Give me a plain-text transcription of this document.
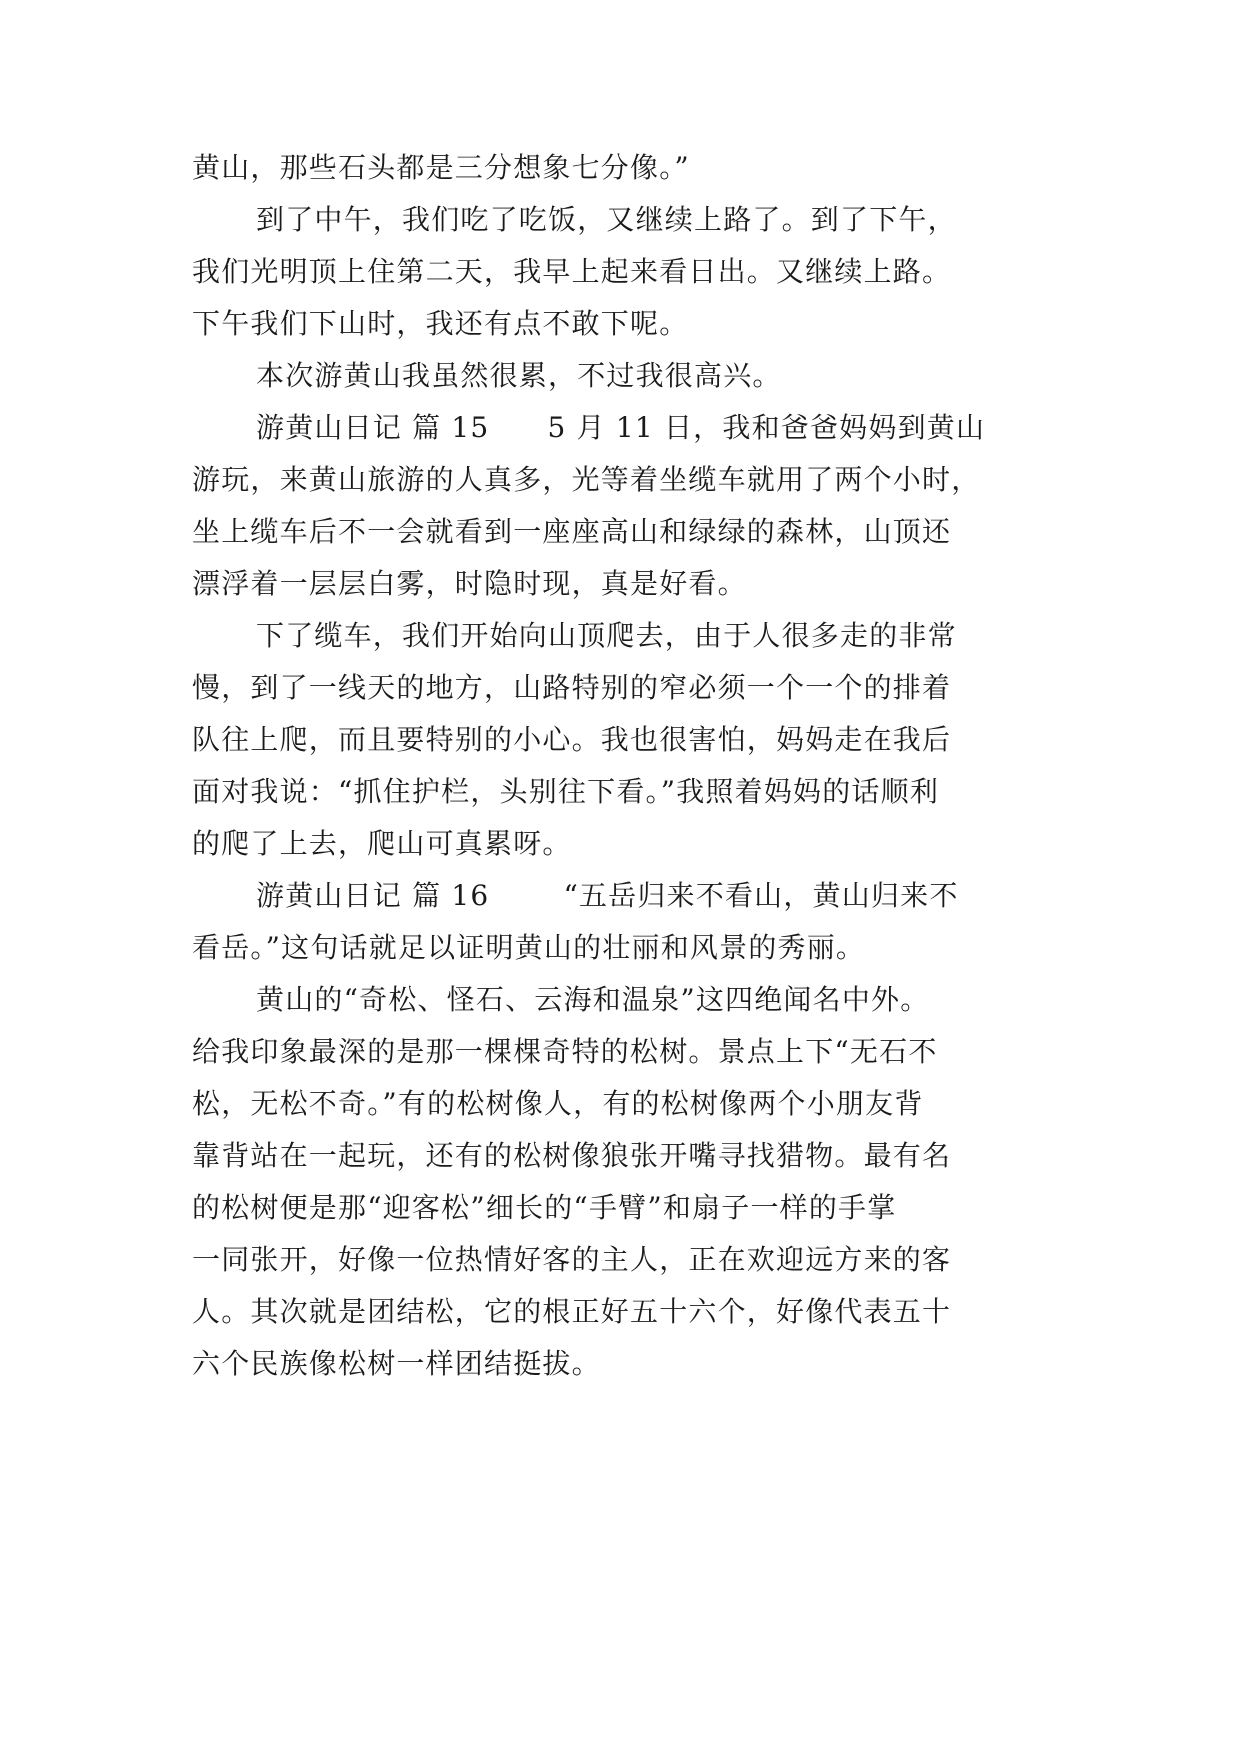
黄山，那些石头都是三分想象七分像。”
到了中午，我们吃了吃饭，又继续上路了。到了下午，
我们光明顶上住第二天，我早上起来看日出。又继续上路。
下午我们下山时，我还有点不敢下呢。
本次游黄山我虽然很累，不过我很高兴。
游黄山日记 篇 15 5 月 11 日，我和爸爸妈妈到黄山
游玩，来黄山旅游的人真多，光等着坐缆车就用了两个小时，
坐上缆车后不一会就看到一座座高山和绿绿的森林，山顶还
漂浮着一层层白雾，时隐时现，真是好看。
下了缆车，我们开始向山顶爬去，由于人很多走的非常
慢，到了一线天的地方，山路特别的窄必须一个一个的排着
队往上爬，而且要特别的小心。我也很害怕，妈妈走在我后
面对我说：“抓住护栏，头别往下看。”我照着妈妈的话顺利
的爬了上去，爬山可真累呀。
游黄山日记 篇 16	“五岳归来不看山，黄山归来不
看岳。”这句话就足以证明黄山的壮丽和风景的秀丽。
黄山的“奇松、怪石、云海和温泉”这四绝闻名中外。
给我印象最深的是那一棵棵奇特的松树。景点上下“无石不
松，无松不奇。”有的松树像人，有的松树像两个小朋友背
靠背站在一起玩，还有的松树像狼张开嘴寻找猎物。最有名
的松树便是那“迎客松”细长的“手臂”和扇子一样的手掌
一同张开，好像一位热情好客的主人，正在欢迎远方来的客
人。其次就是团结松，它的根正好五十六个，好像代表五十
六个民族像松树一样团结挺拔。
